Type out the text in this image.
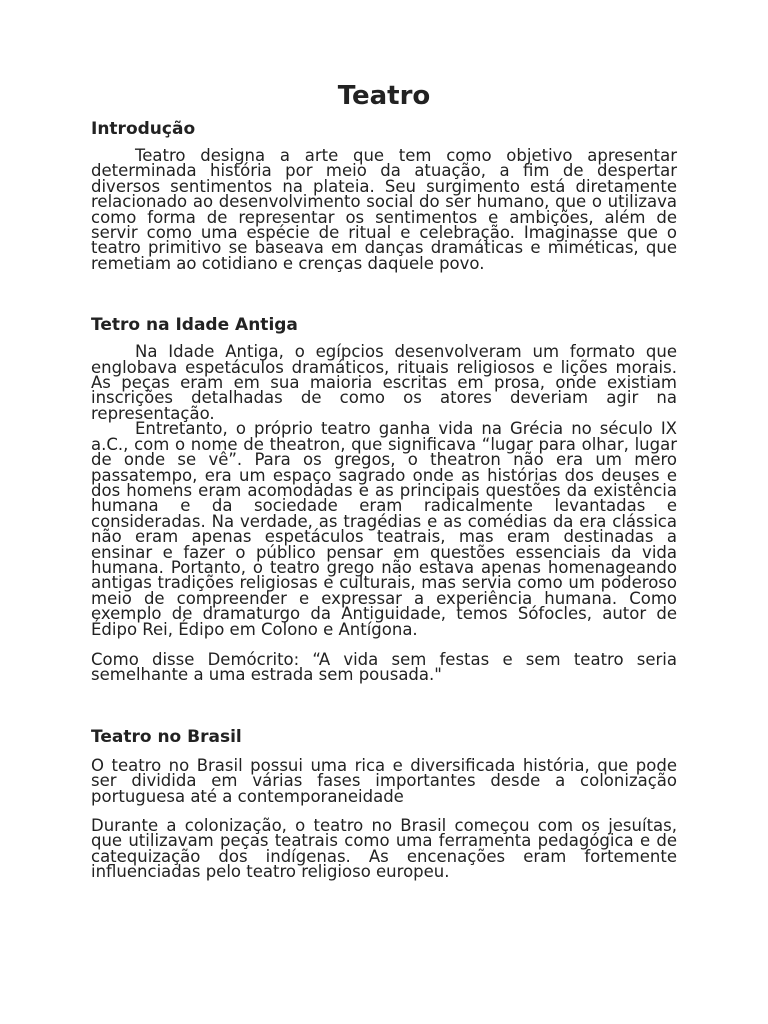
Teatro
Introdução

Teatro designa a arte que tem como objetivo apresentar determinada história por meio da atuação, a fim de despertar diversos sentimentos na plateia. Seu surgimento está diretamente relacionado ao desenvolvimento social do ser humano, que o utilizava como forma de representar os sentimentos e ambições, além de servir como uma espécie de ritual e celebração. Imaginasse que o teatro primitivo se baseava em danças dramáticas e miméticas, que remetiam ao cotidiano e crenças daquele povo.

Tetro na Idade Antiga

Na Idade Antiga, o egípcios desenvolveram um formato que englobava espetáculos dramáticos, rituais religiosos e lições morais. As peças eram em sua maioria escritas em prosa, onde existiam inscrições detalhadas de como os atores deveriam agir na representação.

Entretanto, o próprio teatro ganha vida na Grécia no século IX a.C., com o nome de theatron, que significava “lugar para olhar, lugar de onde se vê”. Para os gregos, o theatron não era um mero passatempo, era um espaço sagrado onde as histórias dos deuses e dos homens eram acomodadas e as principais questões da existência humana e da sociedade eram radicalmente levantadas e consideradas. Na verdade, as tragédias e as comédias da era clássica não eram apenas espetáculos teatrais, mas eram destinadas a ensinar e fazer o público pensar em questões essenciais da vida humana. Portanto, o teatro grego não estava apenas homenageando antigas tradições religiosas e culturais, mas servia como um poderoso meio de compreender e expressar a experiência humana. Como exemplo de dramaturgo da Antiguidade, temos Sófocles, autor de Édipo Rei, Édipo em Colono e Antígona.

Como disse Demócrito: “A vida sem festas e sem teatro seria semelhante a uma estrada sem pousada."

Teatro no Brasil

O teatro no Brasil possui uma rica e diversificada história, que pode ser dividida em várias fases importantes desde a colonização portuguesa até a contemporaneidade

Durante a colonização, o teatro no Brasil começou com os jesuítas, que utilizavam peças teatrais como uma ferramenta pedagógica e de catequização dos indígenas. As encenações eram fortemente influenciadas pelo teatro religioso europeu.
